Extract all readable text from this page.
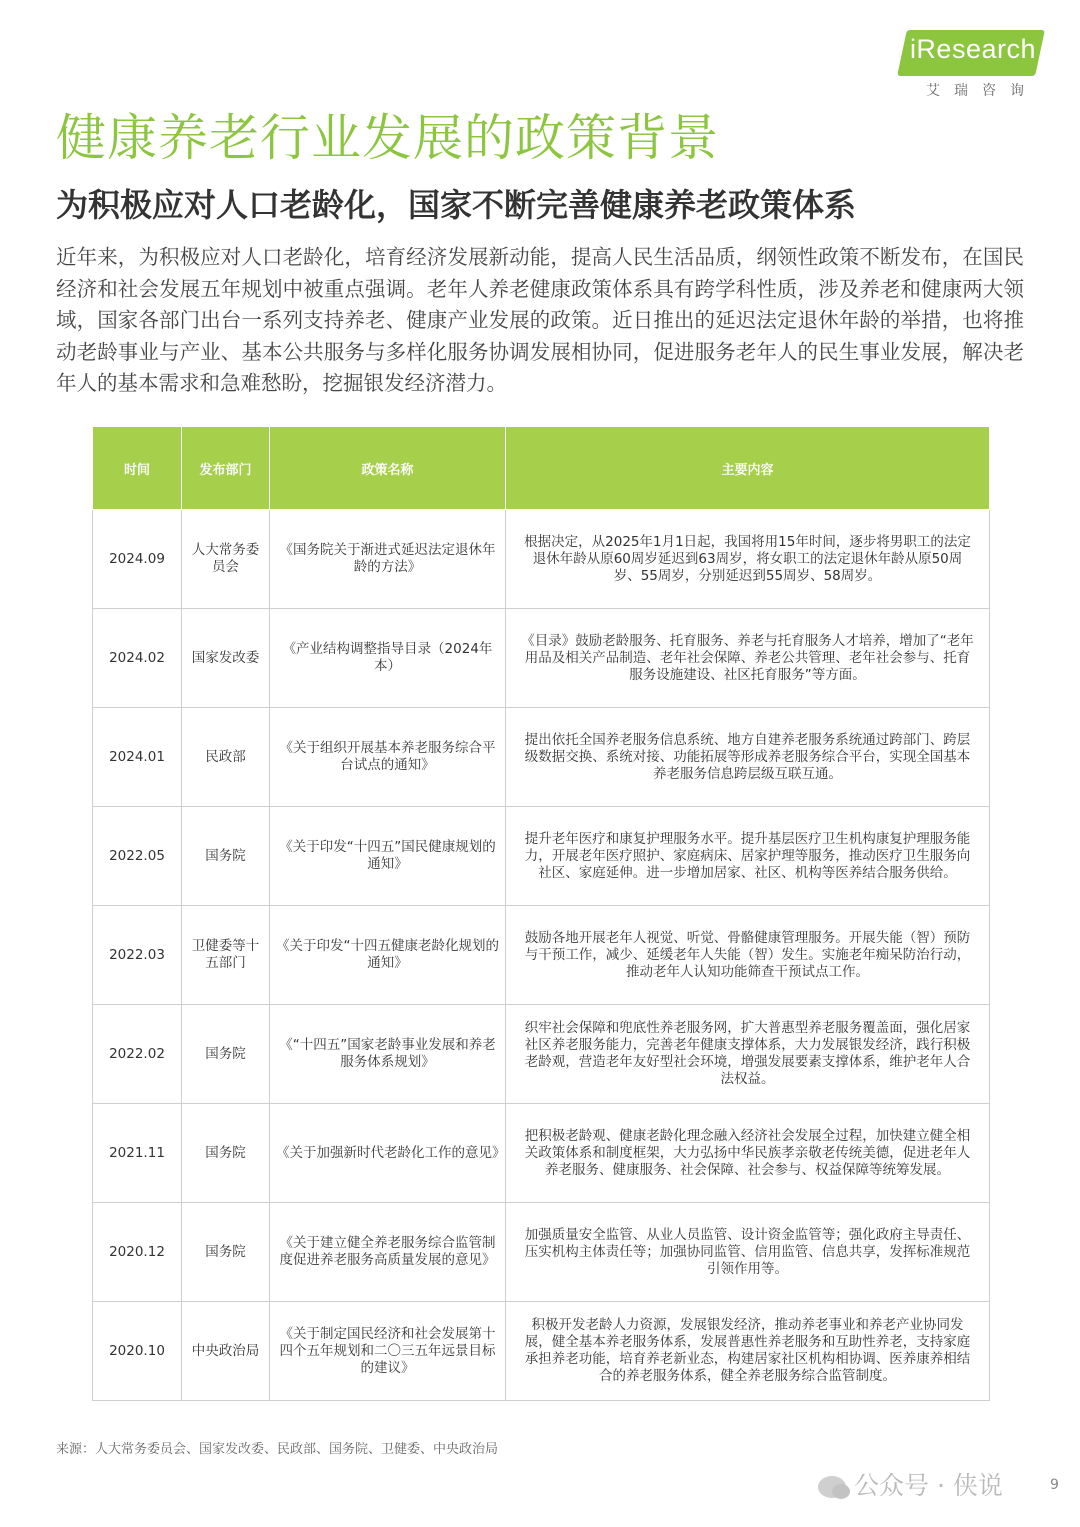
iResearch
艾瑞咨询
健康养老行业发展的政策背景
为积极应对人口老龄化，国家不断完善健康养老政策体系
近年来，为积极应对人口老龄化，培育经济发展新动能，提高人民生活品质，纲领性政策不断发布，在国民经济和社会发展五年规划中被重点强调。老年人养老健康政策体系具有跨学科性质，涉及养老和健康两大领域，国家各部门出台一系列支持养老、健康产业发展的政策。近日推出的延迟法定退休年龄的举措，也将推动老龄事业与产业、基本公共服务与多样化服务协调发展相协同，促进服务老年人的民生事业发展，解决老年人的基本需求和急难愁盼，挖掘银发经济潜力。
时间	发布部门	政策名称	主要内容
2024.09	人大常务委员会	《国务院关于渐进式延迟法定退休年龄的方法》	根据决定，从2025年1月1日起，我国将用15年时间，逐步将男职工的法定退休年龄从原60周岁延迟到63周岁，将女职工的法定退休年龄从原50周岁、55周岁，分别延迟到55周岁、58周岁。
2024.02	国家发改委	《产业结构调整指导目录（2024年本）	《目录》鼓励老龄服务、托育服务、养老与托育服务人才培养，增加了“老年用品及相关产品制造、老年社会保障、养老公共管理、老年社会参与、托育服务设施建设、社区托育服务”等方面。
2024.01	民政部	《关于组织开展基本养老服务综合平台试点的通知》	提出依托全国养老服务信息系统、地方自建养老服务系统通过跨部门、跨层级数据交换、系统对接、功能拓展等形成养老服务综合平台，实现全国基本养老服务信息跨层级互联互通。
2022.05	国务院	《关于印发“十四五”国民健康规划的通知》	提升老年医疗和康复护理服务水平。提升基层医疗卫生机构康复护理服务能力，开展老年医疗照护、家庭病床、居家护理等服务，推动医疗卫生服务向社区、家庭延伸。进一步增加居家、社区、机构等医养结合服务供给。
2022.03	卫健委等十五部门	《关于印发“十四五健康老龄化规划的通知》	鼓励各地开展老年人视觉、听觉、骨骼健康管理服务。开展失能（智）预防与干预工作，减少、延缓老年人失能（智）发生。实施老年痴呆防治行动，推动老年人认知功能筛查干预试点工作。
2022.02	国务院	《“十四五”国家老龄事业发展和养老服务体系规划》	织牢社会保障和兜底性养老服务网，扩大普惠型养老服务覆盖面，强化居家社区养老服务能力，完善老年健康支撑体系，大力发展银发经济，践行积极老龄观，营造老年友好型社会环境，增强发展要素支撑体系，维护老年人合法权益。
2021.11	国务院	《关于加强新时代老龄化工作的意见》	把积极老龄观、健康老龄化理念融入经济社会发展全过程，加快建立健全相关政策体系和制度框架，大力弘扬中华民族孝亲敬老传统美德，促进老年人养老服务、健康服务、社会保障、社会参与、权益保障等统筹发展。
2020.12	国务院	《关于建立健全养老服务综合监管制度促进养老服务高质量发展的意见》	加强质量安全监管、从业人员监管、设计资金监管等；强化政府主导责任、压实机构主体责任等；加强协同监管、信用监管、信息共享，发挥标准规范引领作用等。
2020.10	中央政治局	《关于制定国民经济和社会发展第十四个五年规划和二〇三五年远景目标的建议》	积极开发老龄人力资源，发展银发经济，推动养老事业和养老产业协同发展，健全基本养老服务体系，发展普惠性养老服务和互助性养老，支持家庭承担养老功能，培育养老新业态，构建居家社区机构相协调、医养康养相结合的养老服务体系，健全养老服务综合监管制度。
来源：人大常务委员会、国家发改委、民政部、国务院、卫健委、中央政治局
公众号 · 侠说	9
